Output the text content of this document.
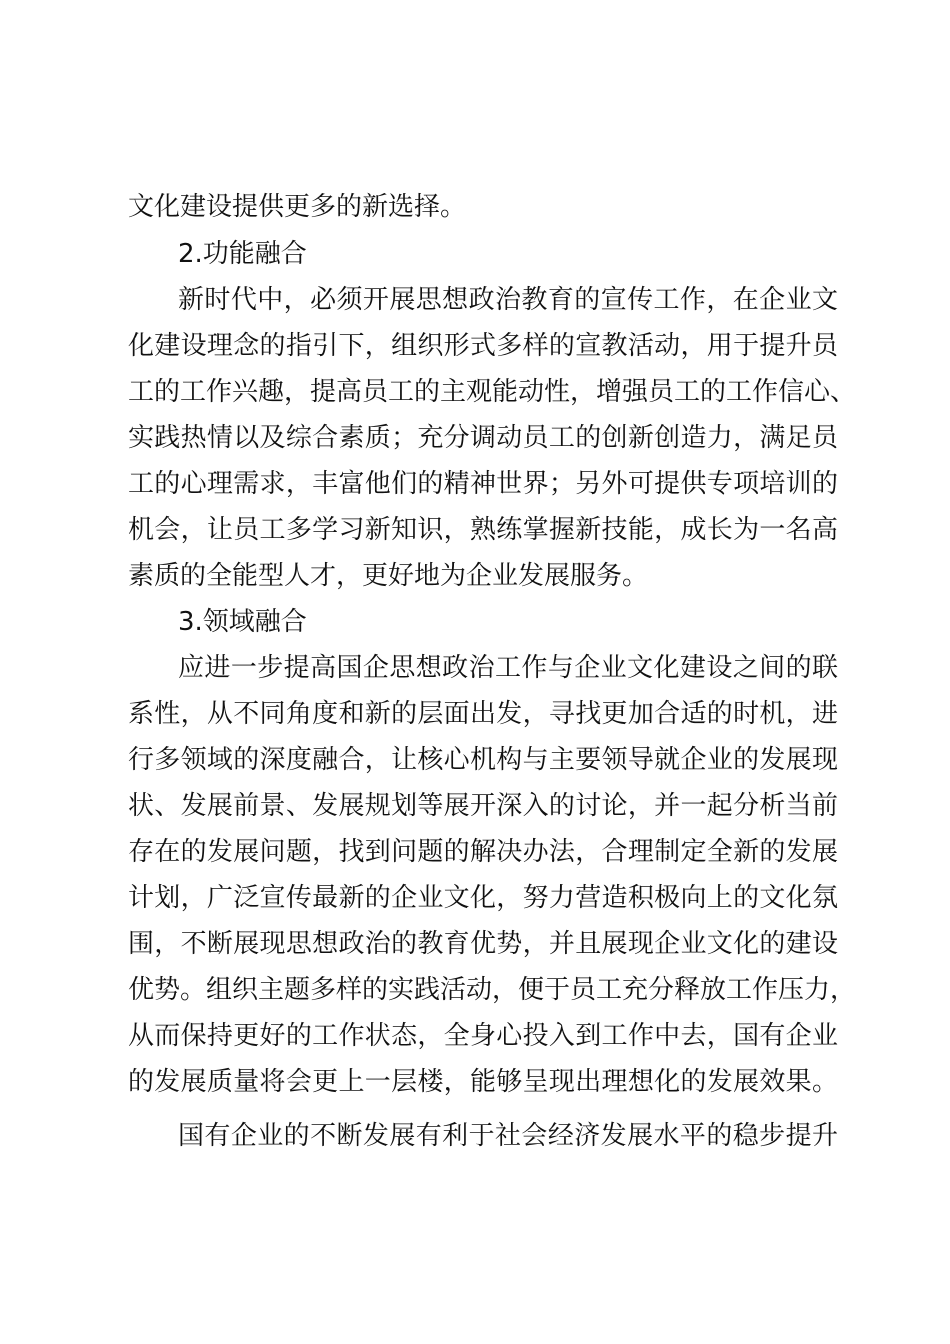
文化建设提供更多的新选择。
2.功能融合
新时代中，必须开展思想政治教育的宣传工作，在企业文
化建设理念的指引下，组织形式多样的宣教活动，用于提升员
工的工作兴趣，提高员工的主观能动性，增强员工的工作信心、
实践热情以及综合素质；充分调动员工的创新创造力，满足员
工的心理需求，丰富他们的精神世界；另外可提供专项培训的
机会，让员工多学习新知识，熟练掌握新技能，成长为一名高
素质的全能型人才，更好地为企业发展服务。
3.领域融合
应进一步提高国企思想政治工作与企业文化建设之间的联
系性，从不同角度和新的层面出发，寻找更加合适的时机，进
行多领域的深度融合，让核心机构与主要领导就企业的发展现
状、发展前景、发展规划等展开深入的讨论，并一起分析当前
存在的发展问题，找到问题的解决办法，合理制定全新的发展
计划，广泛宣传最新的企业文化，努力营造积极向上的文化氛
围，不断展现思想政治的教育优势，并且展现企业文化的建设
优势。组织主题多样的实践活动，便于员工充分释放工作压力，
从而保持更好的工作状态，全身心投入到工作中去，国有企业
的发展质量将会更上一层楼，能够呈现出理想化的发展效果。
国有企业的不断发展有利于社会经济发展水平的稳步提升
